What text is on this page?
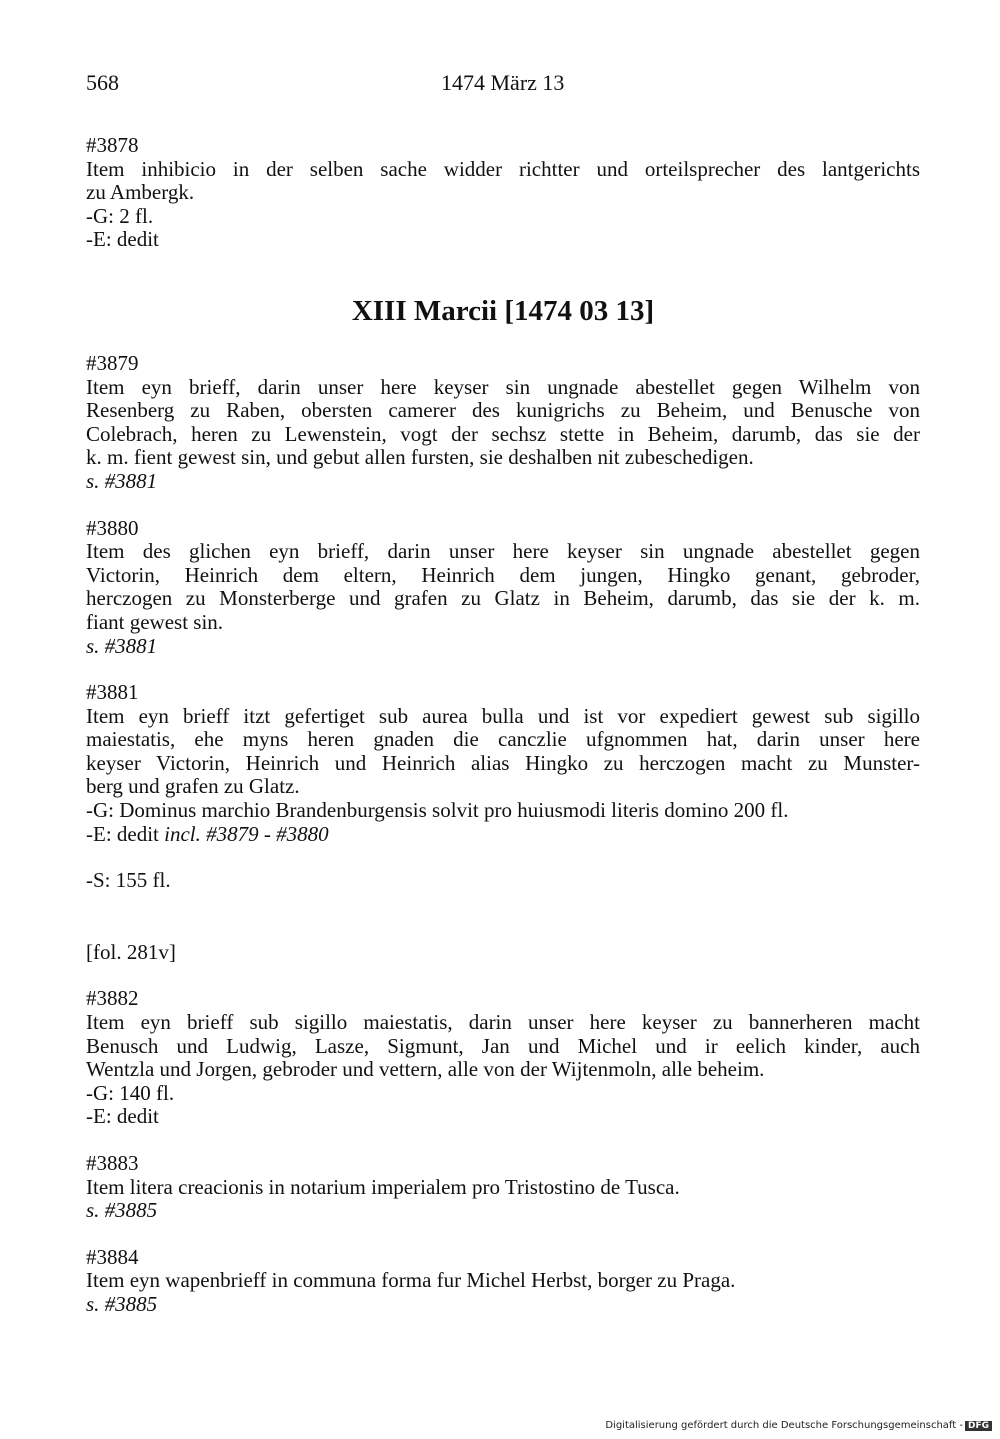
568	1474 März 13
#3878
Item inhibicio in der selben sache widder richtter und orteilsprecher des lantgerichts
zu Ambergk.
-G: 2 fl.
-E: dedit
XIII Marcii [1474 03 13]
#3879
Item eyn brieff, darin unser here keyser sin ungnade abestellet gegen Wilhelm von
Resenberg zu Raben, obersten camerer des kunigrichs zu Beheim, und Benusche von
Colebrach, heren zu Lewenstein, vogt der sechsz stette in Beheim, darumb, das sie der
k. m. fient gewest sin, und gebut allen fursten, sie deshalben nit zubeschedigen.
s. #3881
#3880
Item des glichen eyn brieff, darin unser here keyser sin ungnade abestellet gegen
Victorin, Heinrich dem eltern, Heinrich dem jungen, Hingko genant, gebroder,
herczogen zu Monsterberge und grafen zu Glatz in Beheim, darumb, das sie der k. m.
fiant gewest sin.
s. #3881
#3881
Item eyn brieff itzt gefertiget sub aurea bulla und ist vor expediert gewest sub sigillo
maiestatis, ehe myns heren gnaden die canczlie ufgnommen hat, darin unser here
keyser Victorin, Heinrich und Heinrich alias Hingko zu herczogen macht zu Munster-
berg und grafen zu Glatz.
-G: Dominus marchio Brandenburgensis solvit pro huiusmodi literis domino 200 fl.
-E: dedit incl. #3879 - #3880
-S: 155 fl.
[fol. 281v]
#3882
Item eyn brieff sub sigillo maiestatis, darin unser here keyser zu bannerheren macht
Benusch und Ludwig, Lasze, Sigmunt, Jan und Michel und ir eelich kinder, auch
Wentzla und Jorgen, gebroder und vettern, alle von der Wijtenmoln, alle beheim.
-G: 140 fl.
-E: dedit
#3883
Item litera creacionis in notarium imperialem pro Tristostino de Tusca.
s. #3885
#3884
Item eyn wapenbrieff in communa forma fur Michel Herbst, borger zu Praga.
s. #3885
Digitalisierung gefördert durch die Deutsche Forschungsgemeinschaft - DFG
